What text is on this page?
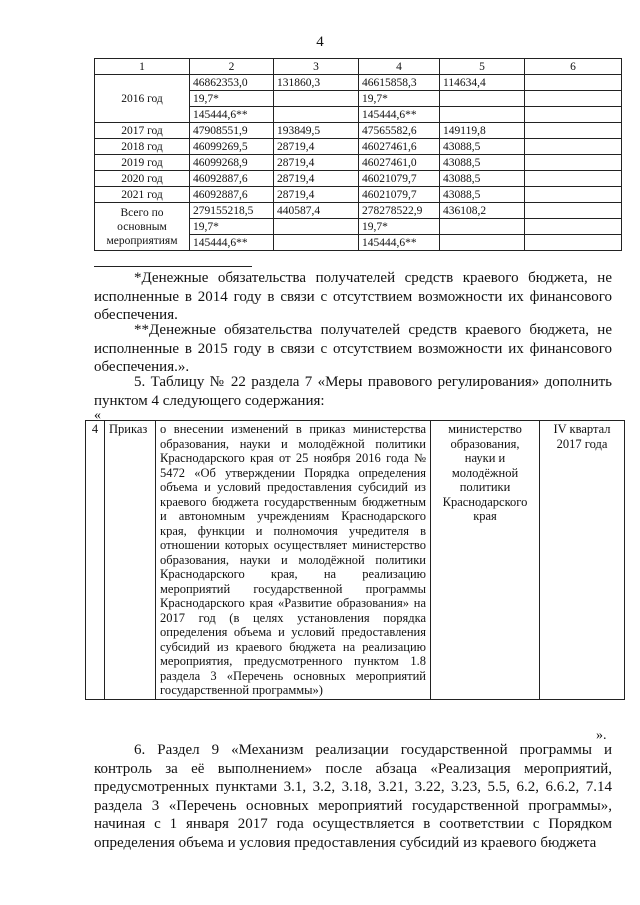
4
1	2	3	4	5	6
2016 год	46862353,0	131860,3	46615858,3	114634,4	
	19,7*		19,7*		
	145444,6**		145444,6**		
2017 год	47908551,9	193849,5	47565582,6	149119,8	
2018 год	46099269,5	28719,4	46027461,6	43088,5	
2019 год	46099268,9	28719,4	46027461,0	43088,5	
2020 год	46092887,6	28719,4	46021079,7	43088,5	
2021 год	46092887,6	28719,4	46021079,7	43088,5	

Всего по
основным
мероприятиям	279155218,5	440587,4	278278522,9	436108,2	
	19,7*		19,7*		
	145444,6**		145444,6**		

*Денежные обязательства получателей средств краевого бюджета, не исполненные в 2014 году в связи с отсутствием возможности их финансового обеспечения.

**Денежные обязательства получателей средств краевого бюджета, не исполненные в 2015 году в связи с отсутствием возможности их финансового обеспечения.».

5. Таблицу № 22 раздела 7 «Меры правового регулирования» дополнить пунктом 4 следующего содержания:

«
4	Приказ	о внесении изменений в приказ министерства образования, науки и молодёжной политики Краснодарского края от 25 ноября 2016 года № 5472 «Об утверждении Порядка определения объема и условий предоставления субсидий из краевого бюджета государственным бюджетным и автономным учреждениям Краснодарского края, функции и полномочия учредителя в отношении которых осуществляет министерство образования, науки и молодёжной политики Краснодарского края, на реализацию мероприятий государственной программы Краснодарского края «Развитие образования» на 2017 год (в целях установления порядка определения объема и условий предоставления субсидий из краевого бюджета на реализацию мероприятия, предусмотренного пунктом 1.8 раздела 3 «Перечень основных мероприятий государственной программы»)	министерство образования, науки и молодёжной политики Краснодарского края	IV квартал 2017 года
».

6. Раздел 9 «Механизм реализации государственной программы и контроль за её выполнением» после абзаца «Реализация мероприятий, предусмотренных пунктами 3.1, 3.2, 3.18, 3.21, 3.22, 3.23, 5.5, 6.2, 6.6.2, 7.14 раздела 3 «Перечень основных мероприятий государственной программы», начиная с 1 января 2017 года осуществляется в соответствии с Порядком определения объема и условия предоставления субсидий из краевого бюджета
